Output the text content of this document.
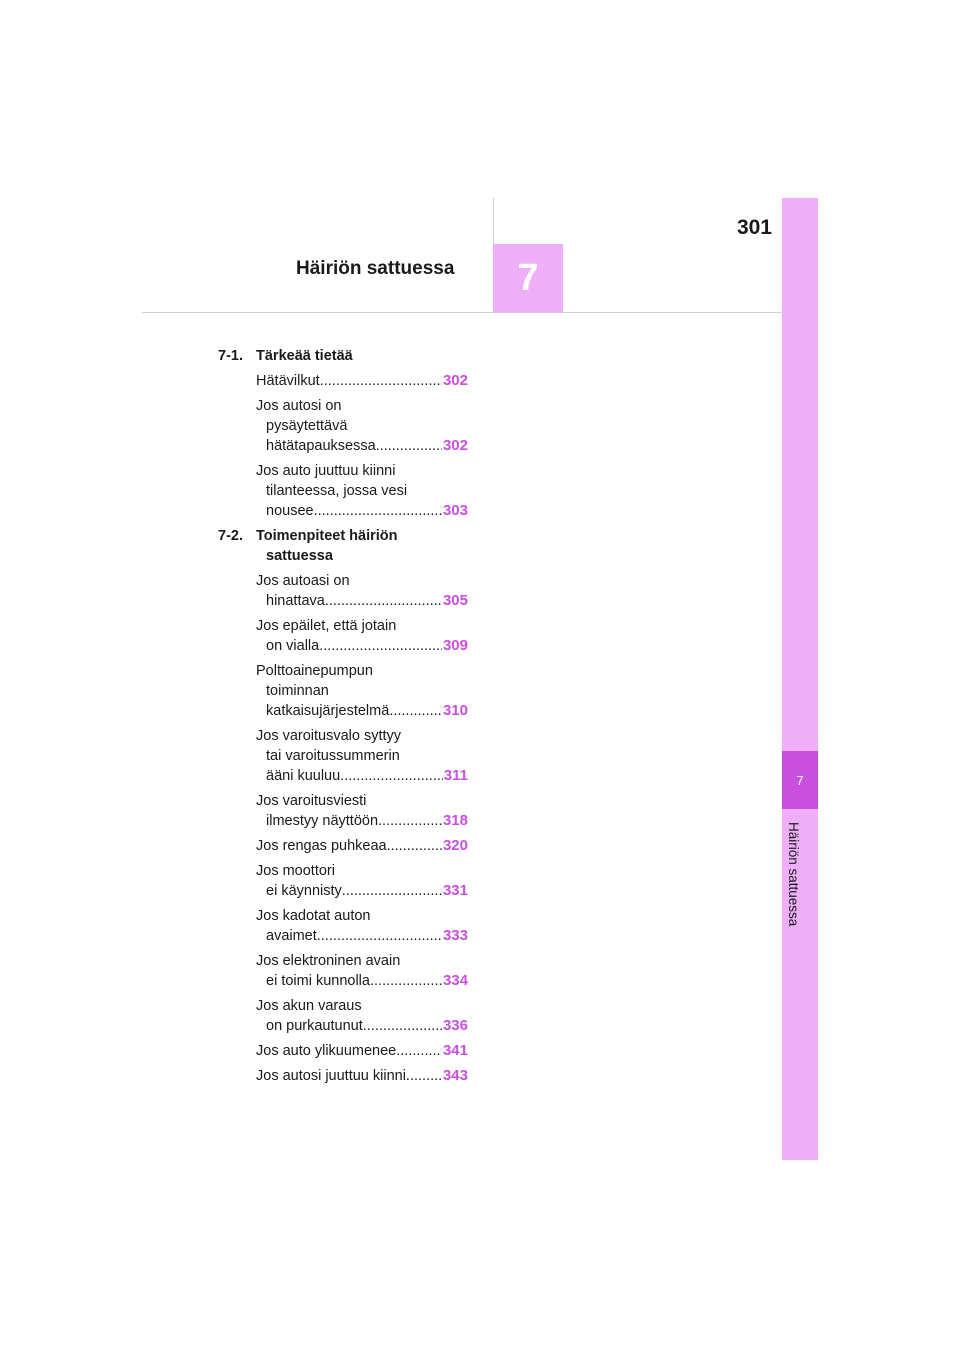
301
Häiriön sattuessa	7
7
Häiriön sattuessa
7-1. Tärkeää tietää
Hätävilkut .....	302
Jos autosi on
pysäytettävä
hätätapauksessa .....	302
Jos auto juuttuu kiinni
tilanteessa, jossa vesi
nousee .....	303
7-2. Toimenpiteet häiriön
sattuessa
Jos autoasi on
hinattava .....	305
Jos epäilet, että jotain
on vialla .....	309
Polttoainepumpun
toiminnan
katkaisujärjestelmä .....	310
Jos varoitusvalo syttyy
tai varoitussummerin
ääni kuuluu .....	311
Jos varoitusviesti
ilmestyy näyttöön .....	318
Jos rengas puhkeaa .....	320
Jos moottori
ei käynnisty .....	331
Jos kadotat auton
avaimet .....	333
Jos elektroninen avain
ei toimi kunnolla .....	334
Jos akun varaus
on purkautunut .....	336
Jos auto ylikuumenee .....	341
Jos autosi juuttuu kiinni ..... 343
